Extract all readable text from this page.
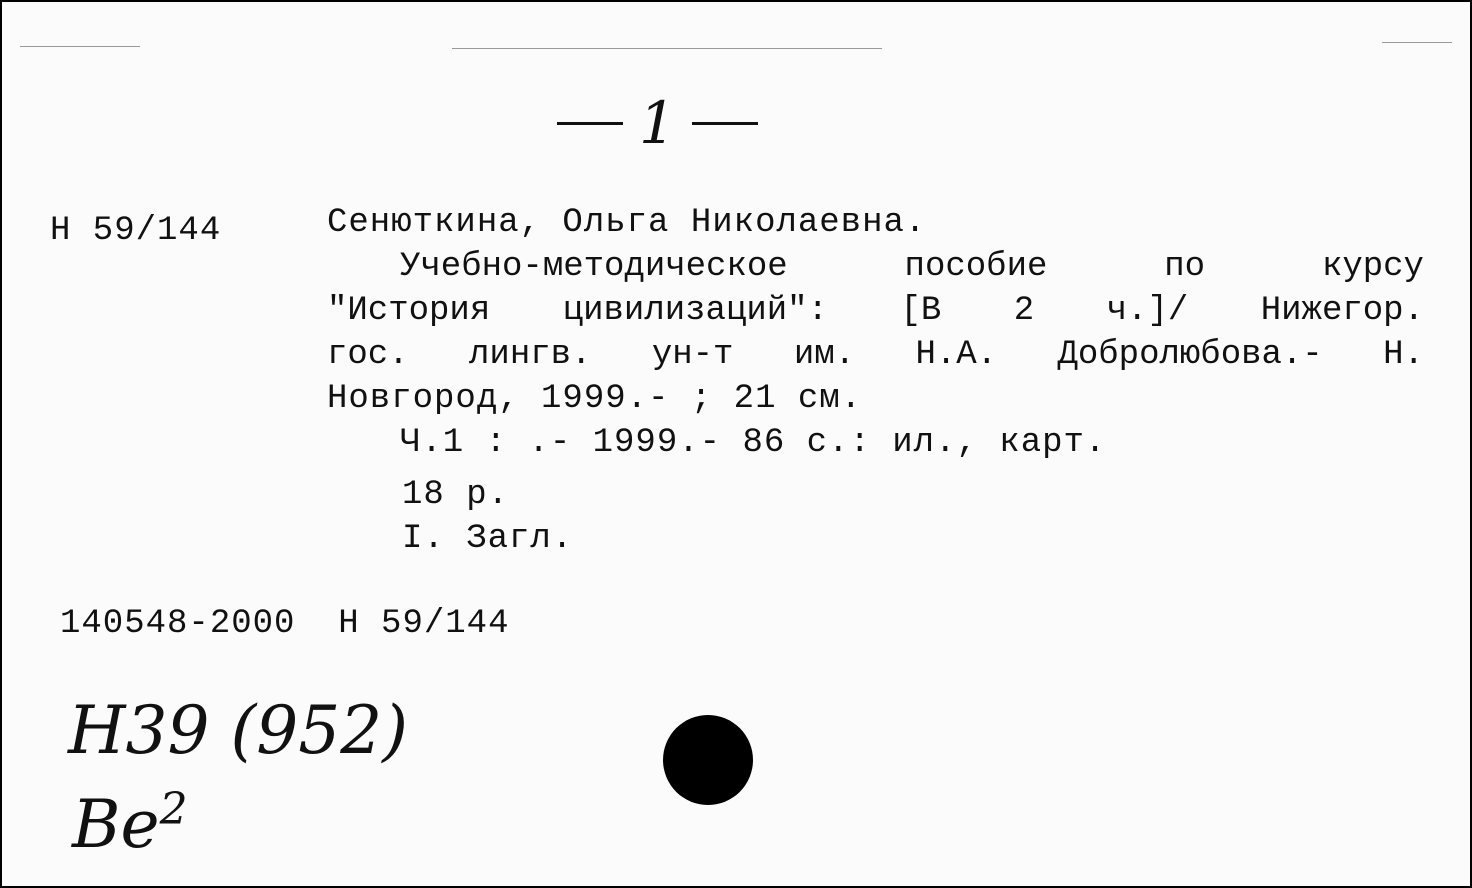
1
Н 59/144	Сенюткина, Ольга Николаевна.
Учебно-методическое	пособие	по	курсу
"История цивилизаций": [В 2 ч.]/ Нижегор.
гос. лингв. ун-т им. Н.А. Добролюбова.- Н.
Новгород, 1999.- ; 21 см.
Ч.1 : .- 1999.- 86 с.: ил., карт.
18 р.
I. Загл.
140548-2000  Н 59/144
Н39 (952)
Be$^2$
